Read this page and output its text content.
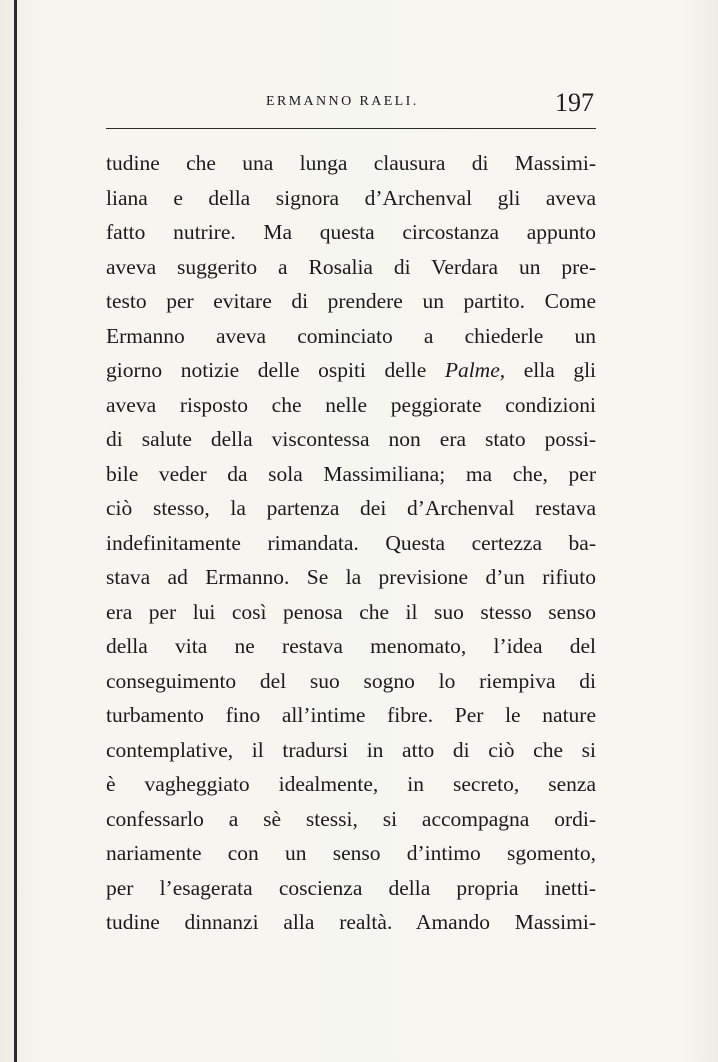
ERMANNO RAELI.	197
tudine che una lunga clausura di Massimi-
liana e della signora d’Archenval gli aveva
fatto nutrire. Ma questa circostanza appunto
aveva suggerito a Rosalia di Verdara un pre-
testo per evitare di prendere un partito. Come
Ermanno aveva cominciato a chiederle un
giorno notizie delle ospiti delle Palme, ella gli
aveva risposto che nelle peggiorate condizioni
di salute della viscontessa non era stato possi-
bile veder da sola Massimiliana; ma che, per
ciò stesso, la partenza dei d’Archenval restava
indefinitamente rimandata. Questa certezza ba-
stava ad Ermanno. Se la previsione d’un rifiuto
era per lui così penosa che il suo stesso senso
della vita ne restava menomato, l’idea del
conseguimento del suo sogno lo riempiva di
turbamento fino all’intime fibre. Per le nature
contemplative, il tradursi in atto di ciò che si
è vagheggiato idealmente, in secreto, senza
confessarlo a sè stessi, si accompagna ordi-
nariamente con un senso d’intimo sgomento,
per l’esagerata coscienza della propria inetti-
tudine dinnanzi alla realtà. Amando Massimi-
